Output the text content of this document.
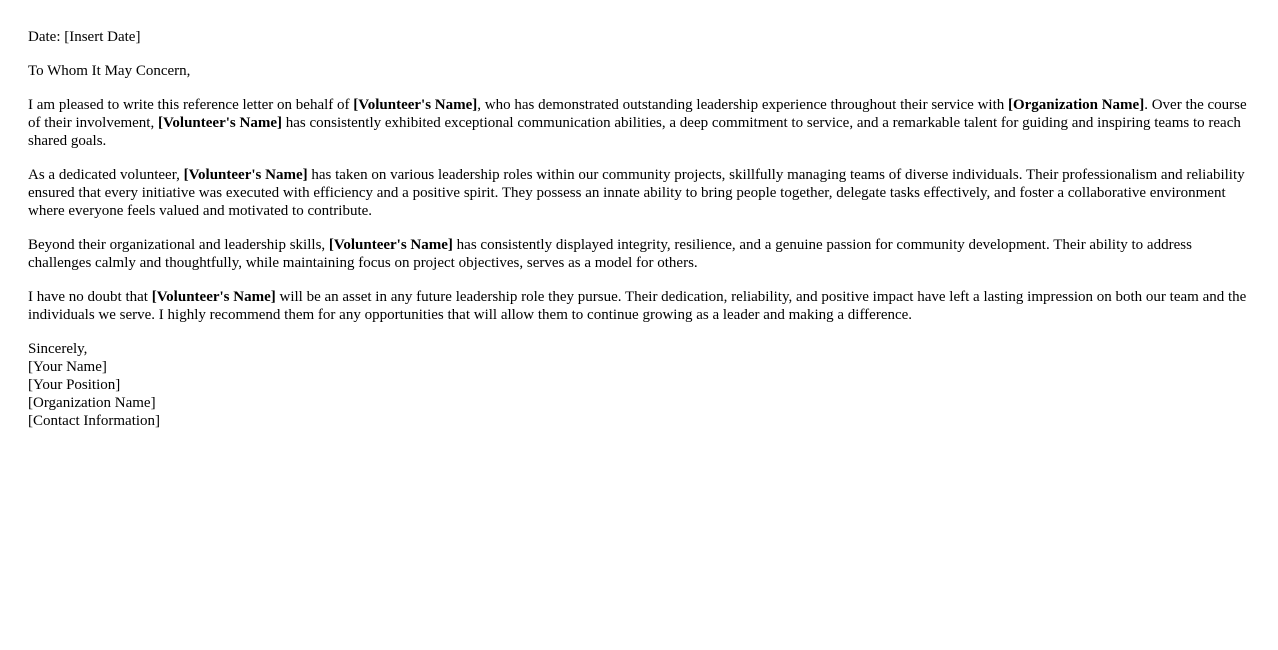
Date: [Insert Date]

To Whom It May Concern,

I am pleased to write this reference letter on behalf of [Volunteer's Name], who has demonstrated outstanding leadership experience throughout their service with [Organization Name]. Over the course of their involvement, [Volunteer's Name] has consistently exhibited exceptional communication abilities, a deep commitment to service, and a remarkable talent for guiding and inspiring teams to reach shared goals.

As a dedicated volunteer, [Volunteer's Name] has taken on various leadership roles within our community projects, skillfully managing teams of diverse individuals. Their professionalism and reliability ensured that every initiative was executed with efficiency and a positive spirit. They possess an innate ability to bring people together, delegate tasks effectively, and foster a collaborative environment where everyone feels valued and motivated to contribute.

Beyond their organizational and leadership skills, [Volunteer's Name] has consistently displayed integrity, resilience, and a genuine passion for community development. Their ability to address challenges calmly and thoughtfully, while maintaining focus on project objectives, serves as a model for others.

I have no doubt that [Volunteer's Name] will be an asset in any future leadership role they pursue. Their dedication, reliability, and positive impact have left a lasting impression on both our team and the individuals we serve. I highly recommend them for any opportunities that will allow them to continue growing as a leader and making a difference.

Sincerely,
[Your Name]
[Your Position]
[Organization Name]
[Contact Information]
